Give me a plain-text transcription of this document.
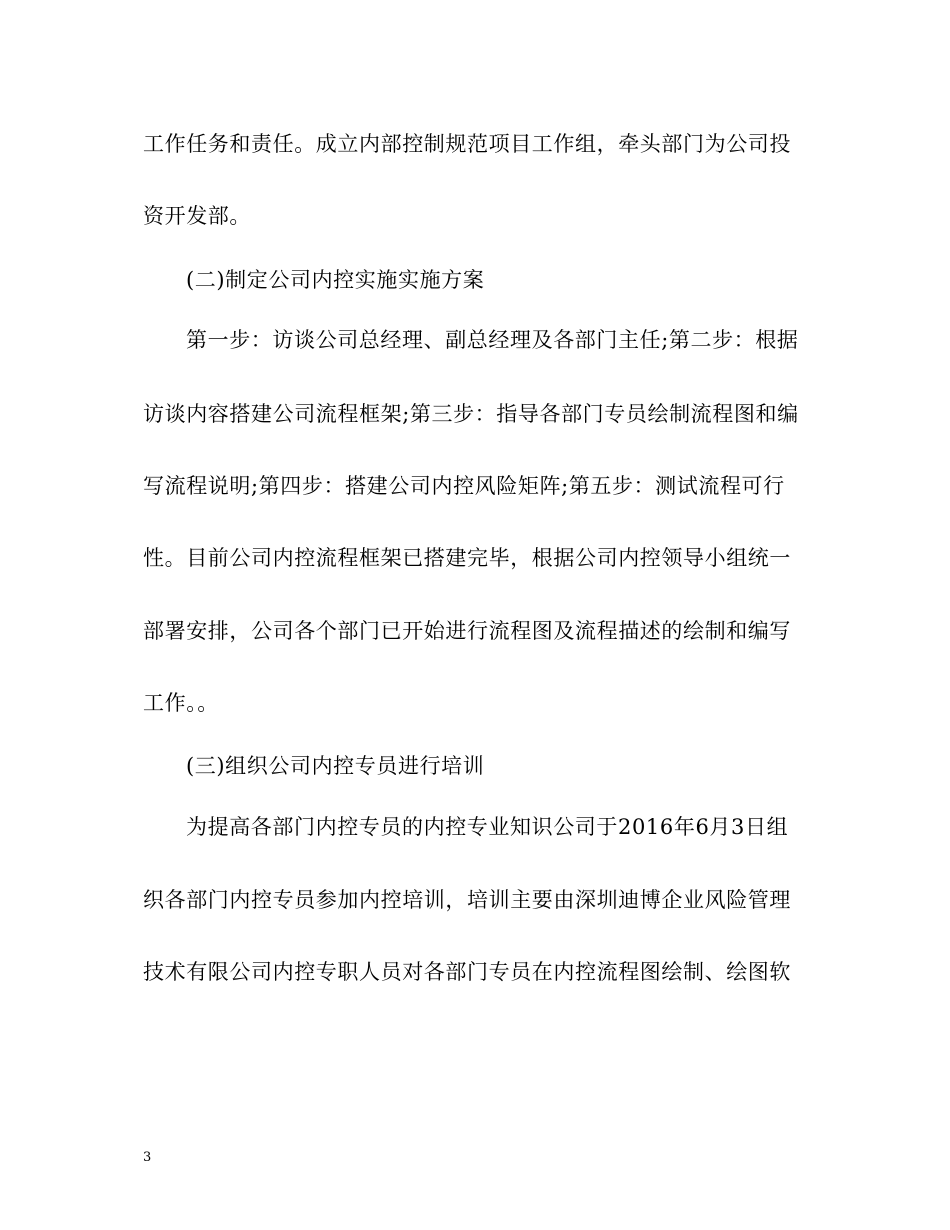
工作任务和责任。成立内部控制规范项目工作组，牵头部门为公司投
资开发部。
(二)制定公司内控实施实施方案
第一步：访谈公司总经理、副总经理及各部门主任;第二步：根据
访谈内容搭建公司流程框架;第三步：指导各部门专员绘制流程图和编
写流程说明;第四步：搭建公司内控风险矩阵;第五步：测试流程可行
性。目前公司内控流程框架已搭建完毕，根据公司内控领导小组统一
部署安排，公司各个部门已开始进行流程图及流程描述的绘制和编写
工作。。
(三)组织公司内控专员进行培训
为提高各部门内控专员的内控专业知识公司于2016年6月3日组
织各部门内控专员参加内控培训，培训主要由深圳迪博企业风险管理
技术有限公司内控专职人员对各部门专员在内控流程图绘制、绘图软
3
